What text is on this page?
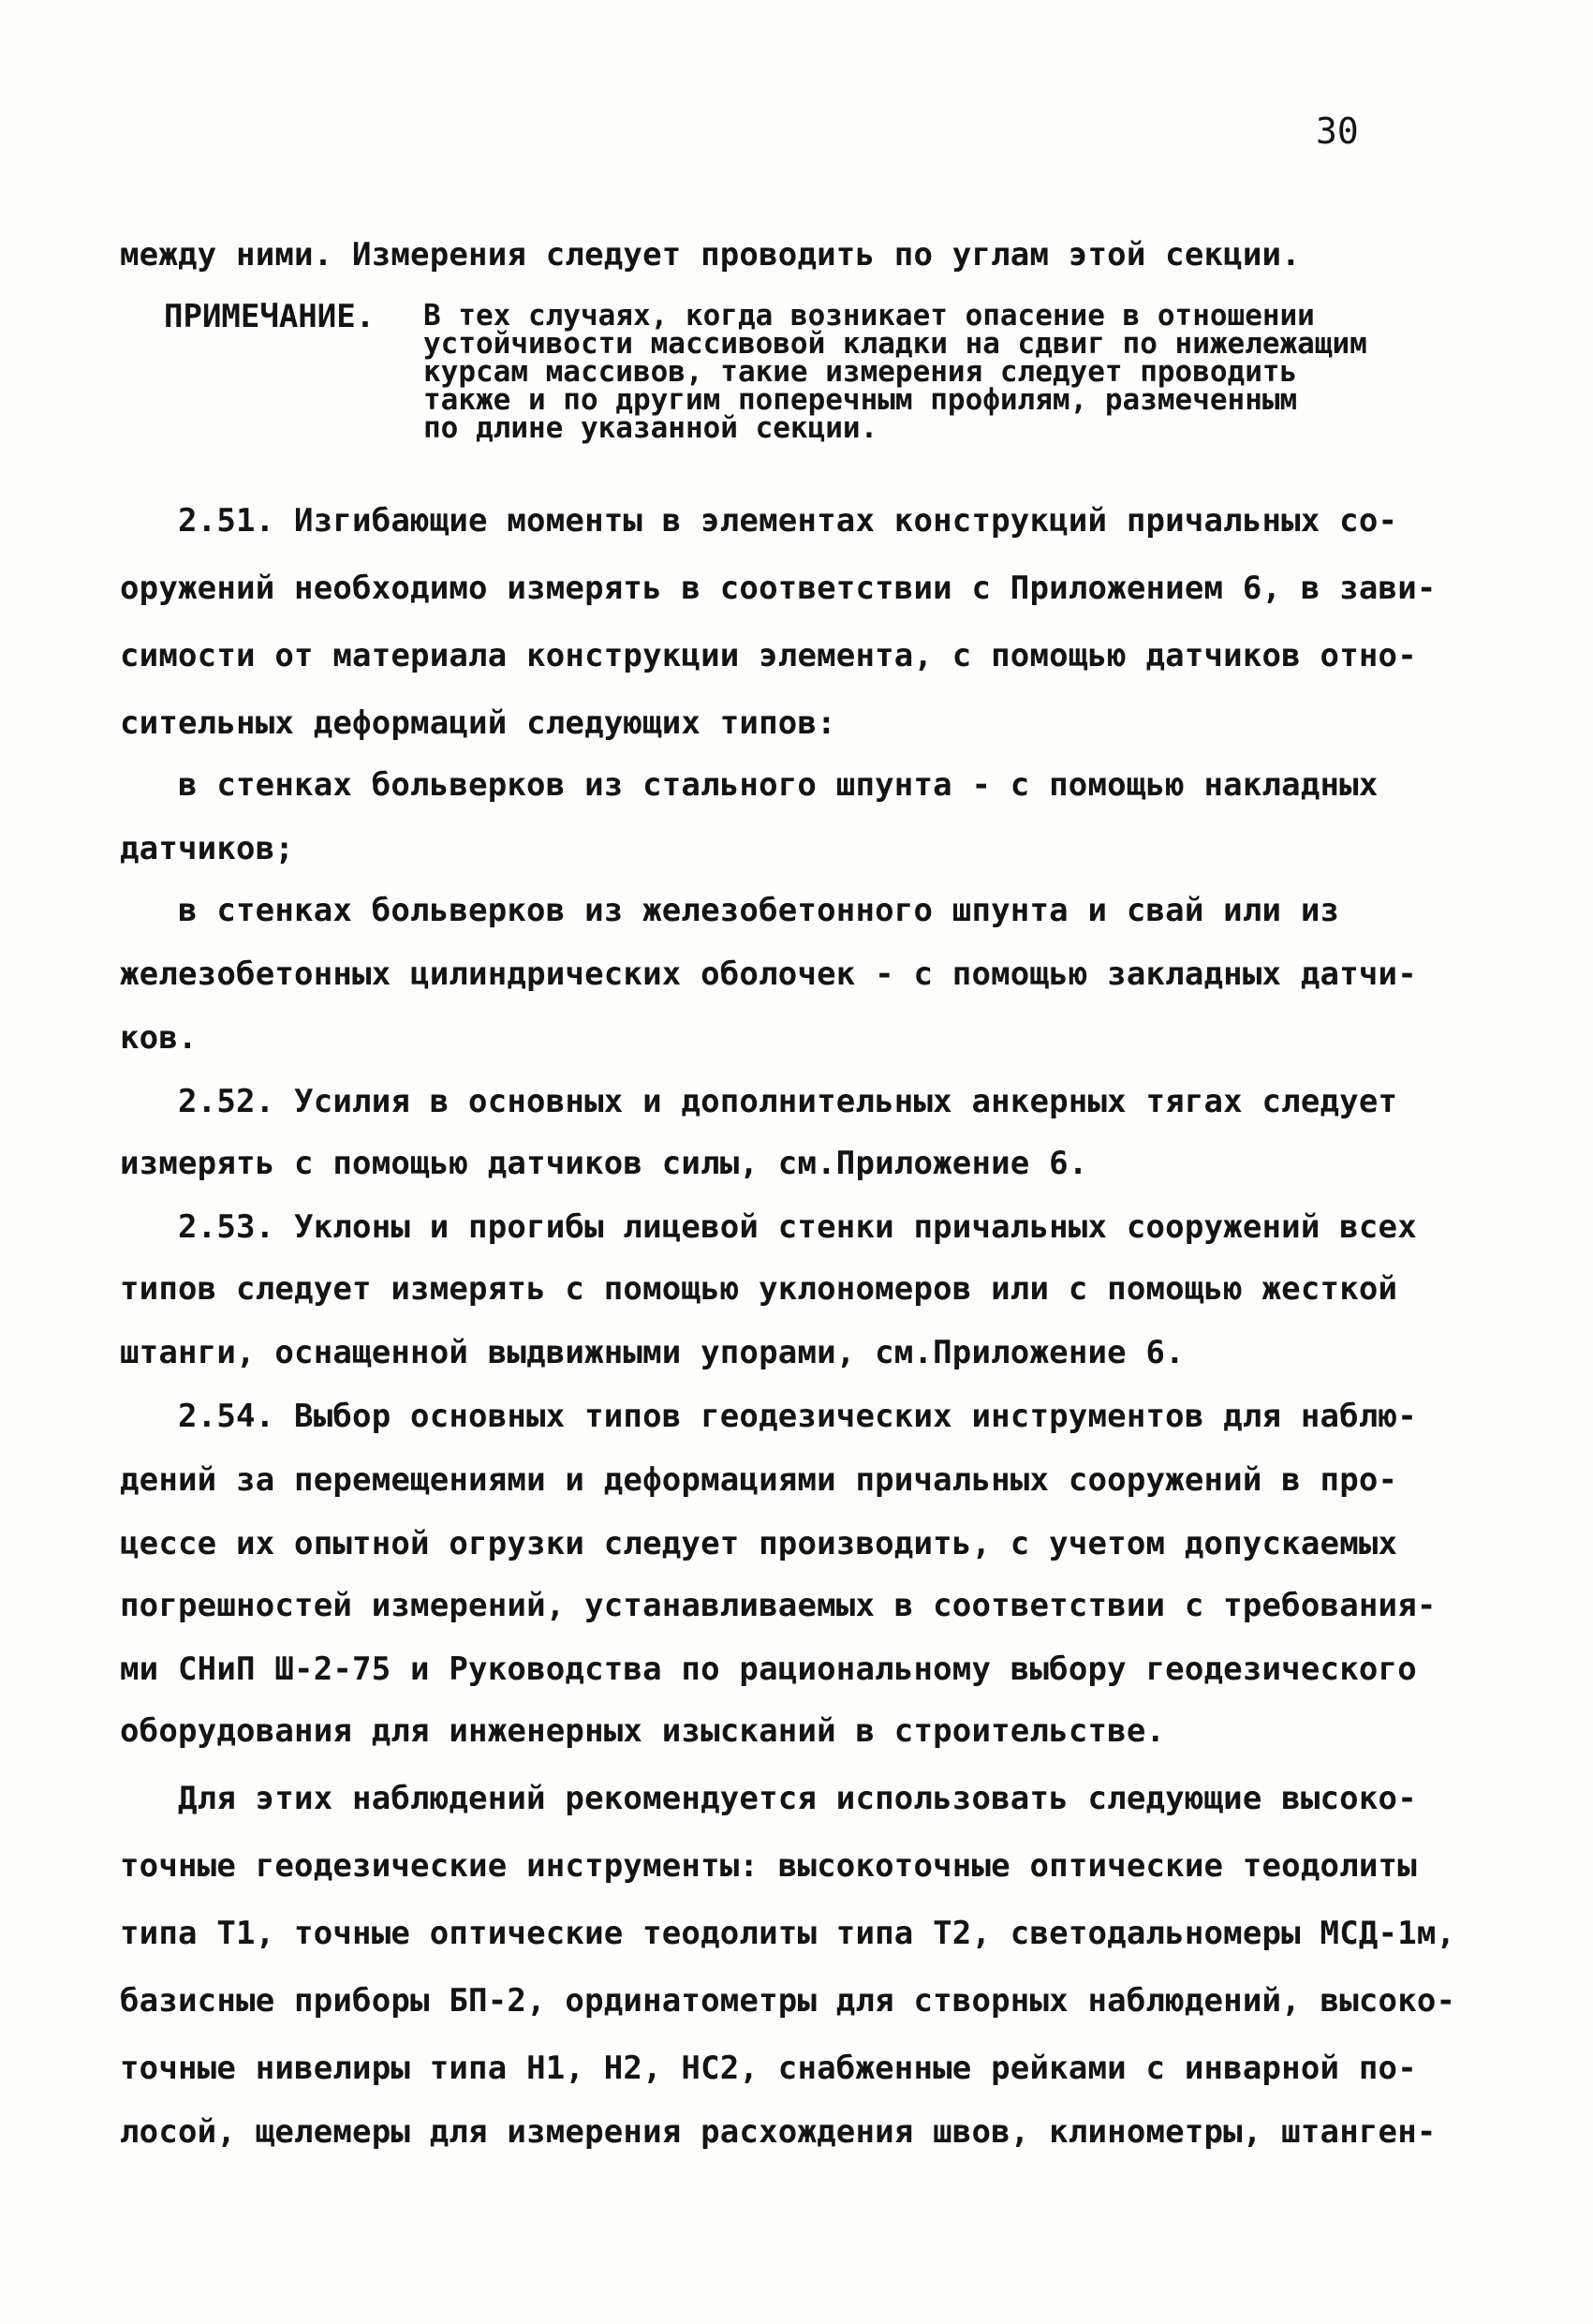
30
между ними. Измерения следует проводить по углам этой секции.
ПРИМЕЧАНИЕ. В тех случаях, когда возникает опасение в отношении
устойчивости массивовой кладки на сдвиг по нижележащим
курсам массивов, такие измерения следует проводить
также и по другим поперечным профилям, размеченным
по длине указанной секции.
2.51. Изгибающие моменты в элементах конструкций причальных со-
оружений необходимо измерять в соответствии с Приложением 6, в зави-
симости от материала конструкции элемента, с помощью датчиков отно-
сительных деформаций следующих типов:
в стенках больверков из стального шпунта - с помощью накладных
датчиков;
в стенках больверков из железобетонного шпунта и свай или из
железобетонных цилиндрических оболочек - с помощью закладных датчи-
ков.
2.52. Усилия в основных и дополнительных анкерных тягах следует
измерять с помощью датчиков силы, см.Приложение 6.
2.53. Уклоны и прогибы лицевой стенки причальных сооружений всех
типов следует измерять с помощью уклономеров или с помощью жесткой
штанги, оснащенной выдвижными упорами, см.Приложение 6.
2.54. Выбор основных типов геодезических инструментов для наблю-
дений за перемещениями и деформациями причальных сооружений в про-
цессе их опытной огрузки следует производить, с учетом допускаемых
погрешностей измерений, устанавливаемых в соответствии с требования-
ми СНиП Ш-2-75 и Руководства по рациональному выбору геодезического
оборудования для инженерных изысканий в строительстве.
Для этих наблюдений рекомендуется использовать следующие высоко-
точные геодезические инструменты: высокоточные оптические теодолиты
типа Т1, точные оптические теодолиты типа Т2, светодальномеры МСД-1м,
базисные приборы БП-2, ординатометры для створных наблюдений, высоко-
точные нивелиры типа Н1, Н2, НС2, снабженные рейками с инварной по-
лосой, щелемеры для измерения расхождения швов, клинометры, штанген-
